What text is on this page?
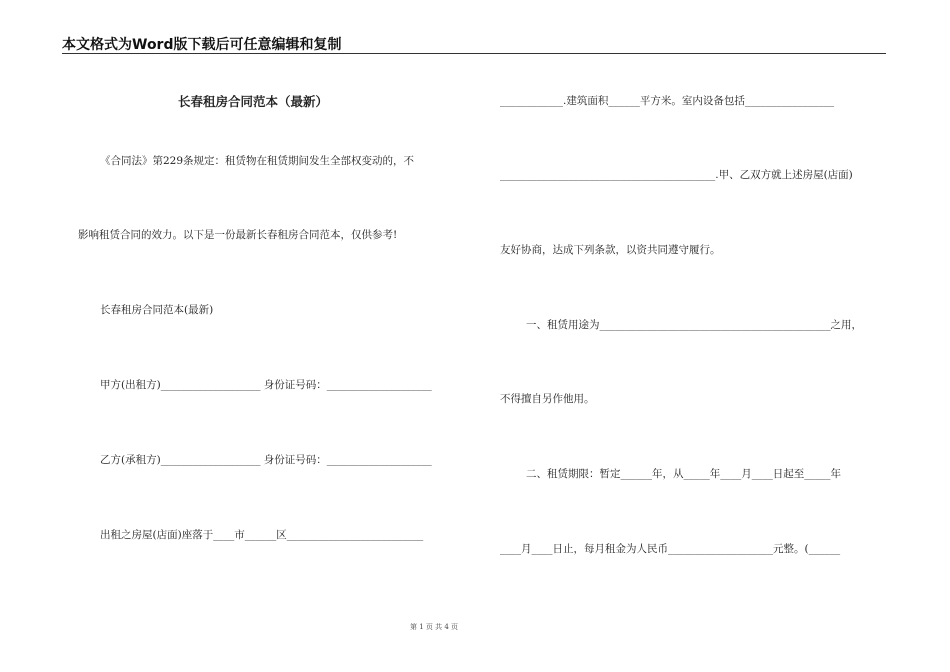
本文格式为Word版下载后可任意编辑和复制
长春租房合同范本（最新）
《合同法》第229条规定：租赁物在租赁期间发生全部权变动的，不
影响租赁合同的效力。以下是一份最新长春租房合同范本，仅供参考!
长春租房合同范本(最新)
甲方(出租方)___________________ 身份证号码：____________________
乙方(承租方)___________________ 身份证号码：____________________
出租之房屋(店面)座落于____市______区__________________________
____________.建筑面积______平方米。室内设备包括_________________
_________________________________________.甲、乙双方就上述房屋(店面)
友好协商，达成下列条款，以资共同遵守履行。
一、租赁用途为____________________________________________之用，
不得擅自另作他用。
二、租赁期限：暂定______年，从_____年____月____日起至_____年
____月____日止，每月租金为人民币____________________元整。(______
第 1 页 共 4 页
